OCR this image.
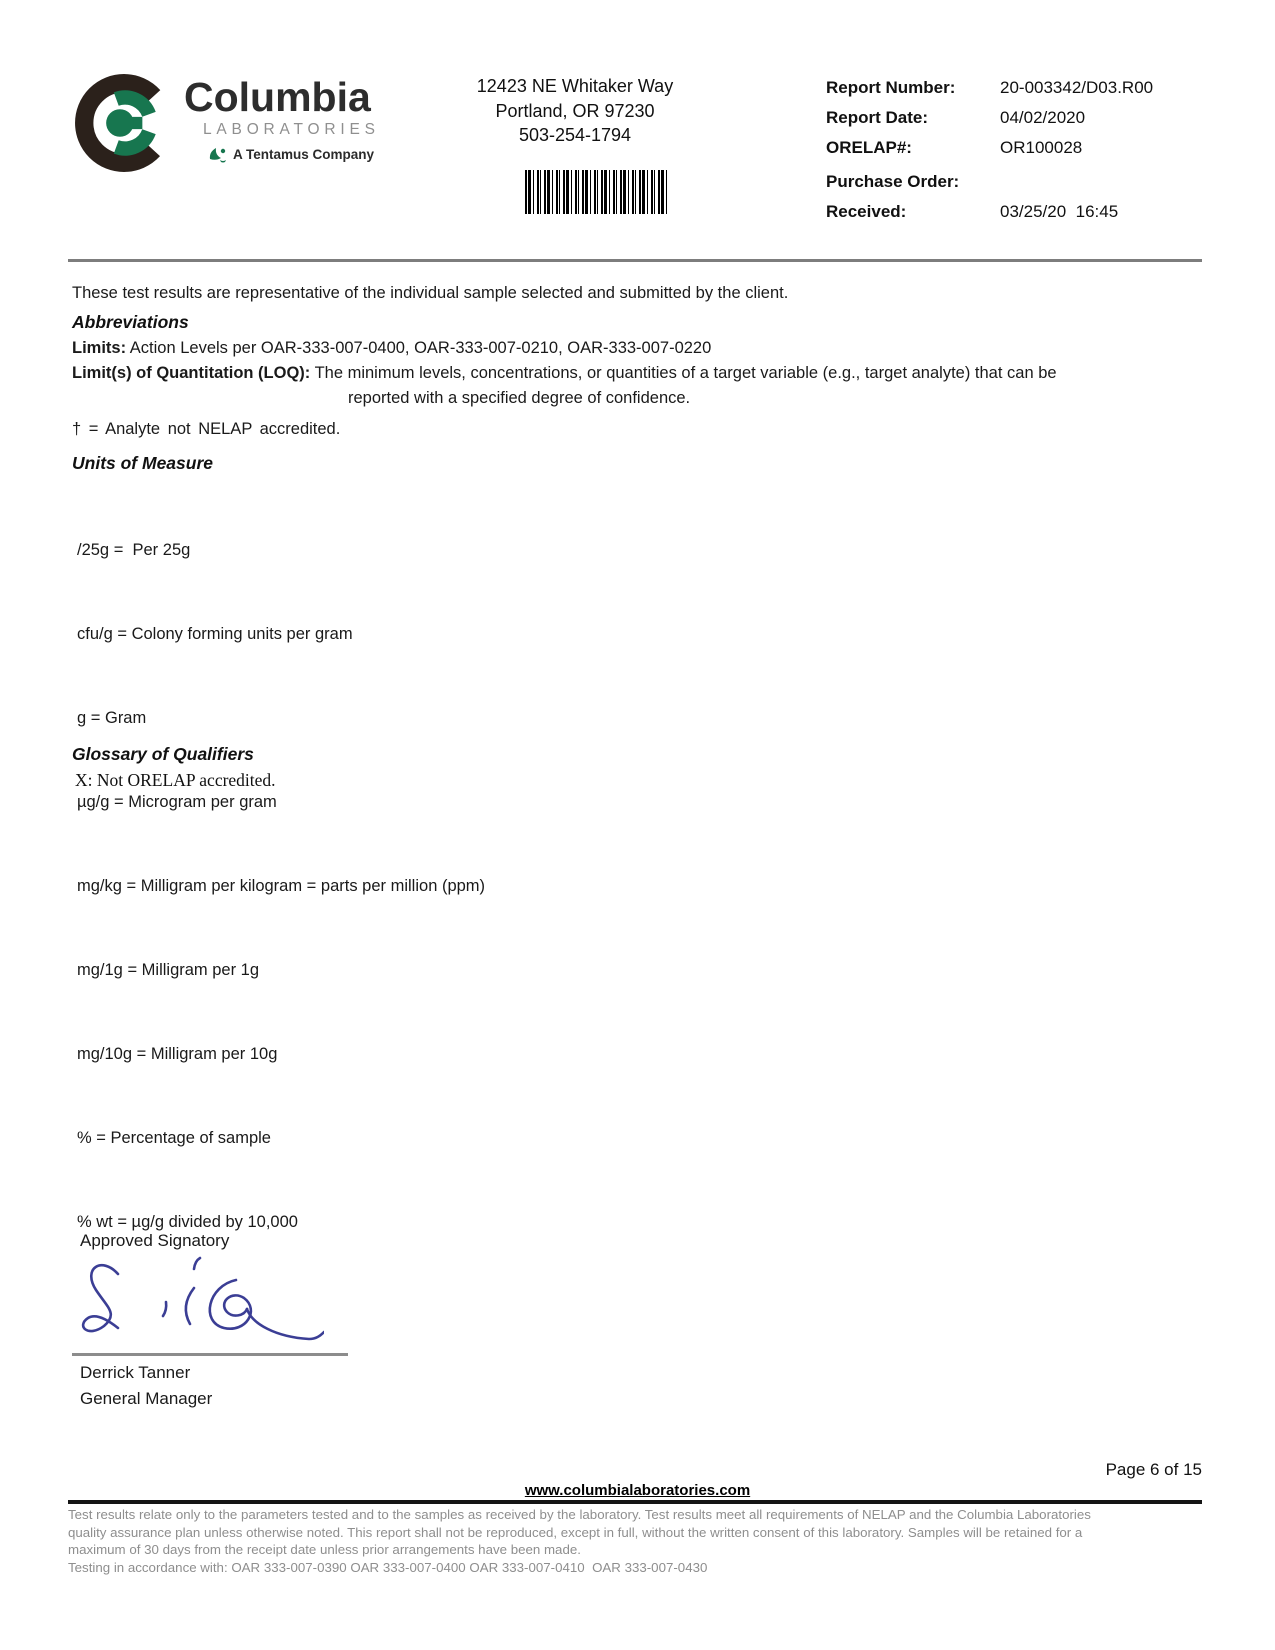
Columbia
LABORATORIES
A Tentamus Company
12423 NE Whitaker Way
Portland, OR 97230
503-254-1794
Report Number:	20-003342/D03.R00
Report Date:	04/02/2020
ORELAP#:	OR100028
Purchase Order:
Received:	03/25/20  16:45
These test results are representative of the individual sample selected and submitted by the client.
Abbreviations
Limits: Action Levels per OAR-333-007-0400, OAR-333-007-0210, OAR-333-007-0220
Limit(s) of Quantitation (LOQ): The minimum levels, concentrations, or quantities of a target variable (e.g., target analyte) that can be
reported with a specified degree of confidence.
† = Analyte not NELAP accredited.
Units of Measure

/25g =  Per 25g

cfu/g = Colony forming units per gram

g = Gram

µg/g = Microgram per gram

mg/kg = Milligram per kilogram = parts per million (ppm)

mg/1g = Milligram per 1g

mg/10g = Milligram per 10g

% = Percentage of sample

% wt = µg/g divided by 10,000

Glossary of Qualifiers
X: Not ORELAP accredited.
Approved Signatory
Derrick Tanner
General Manager
Page 6 of 15
www.columbialaboratories.com
Test results relate only to the parameters tested and to the samples as received by the laboratory. Test results meet all requirements of NELAP and the Columbia Laboratories quality assurance plan unless otherwise noted. This report shall not be reproduced, except in full, without the written consent of this laboratory. Samples will be retained for a maximum of 30 days from the receipt date unless prior arrangements have been made.
Testing in accordance with: OAR 333-007-0390 OAR 333-007-0400 OAR 333-007-0410  OAR 333-007-0430
